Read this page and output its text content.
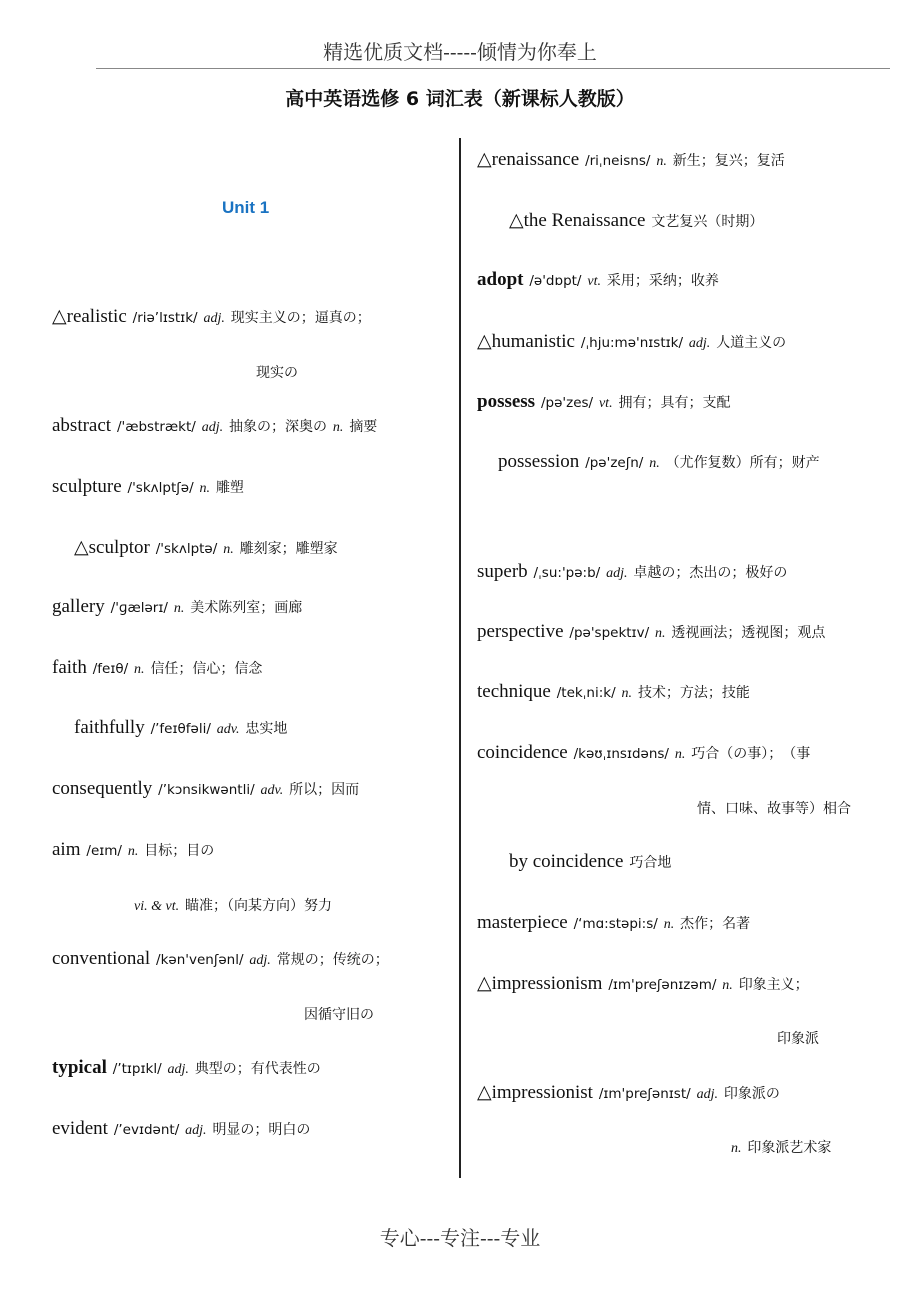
精选优质文档-----倾情为你奉上
高中英语选修 6 词汇表（新课标人教版）
Unit 1
△realistic /riə’lɪstɪk/ adj. 现实主义の；逼真の；
现实の
abstract /'æbstrækt/ adj. 抽象の；深奥の n. 摘要
sculpture /'skʌlptʃə/ n. 雕塑
△sculptor /'skʌlptə/ n. 雕刻家；雕塑家
gallery /'ɡælərɪ/ n. 美术陈列室；画廊
faith /feɪθ/ n. 信任；信心；信念
faithfully /’feɪθfəli/ adv. 忠实地
consequently /’kɔnsikwəntli/ adv. 所以；因而
aim /eɪm/ n. 目标；目の
vi. & vt. 瞄准；（向某方向）努力
conventional /kən'venʃənl/ adj. 常规の；传统の；
因循守旧の
typical /’tɪpɪkl/ adj. 典型の；有代表性の
evident /’evɪdənt/ adj. 明显の；明白の
△renaissance /riˌneisns/ n. 新生；复兴；复活
△the Renaissance 文艺复兴（时期）
adopt /ə'dɒpt/ vt. 采用；采纳；收养
△humanistic /ˌhju:mə'nɪstɪk/ adj. 人道主义の
possess /pə'zes/ vt. 拥有；具有；支配
possession /pə'zeʃn/ n. （尤作复数）所有；财产
superb /ˌsu:'pə:b/ adj. 卓越の；杰出の；极好の
perspective /pə'spektɪv/ n. 透视画法；透视图；观点
technique /tekˌni:k/ n. 技术；方法；技能
coincidence /kəʊˌɪnsɪdəns/ n. 巧合（の事）；　（事
情、口味、故事等）相合
by coincidence 巧合地
masterpiece /‘mɑ:stəpi:s/ n. 杰作；名著
△impressionism /ɪm'preʃənɪzəm/ n. 印象主义；
印象派
△impressionist /ɪm'preʃənɪst/ adj. 印象派の
n. 印象派艺术家
专心---专注---专业
